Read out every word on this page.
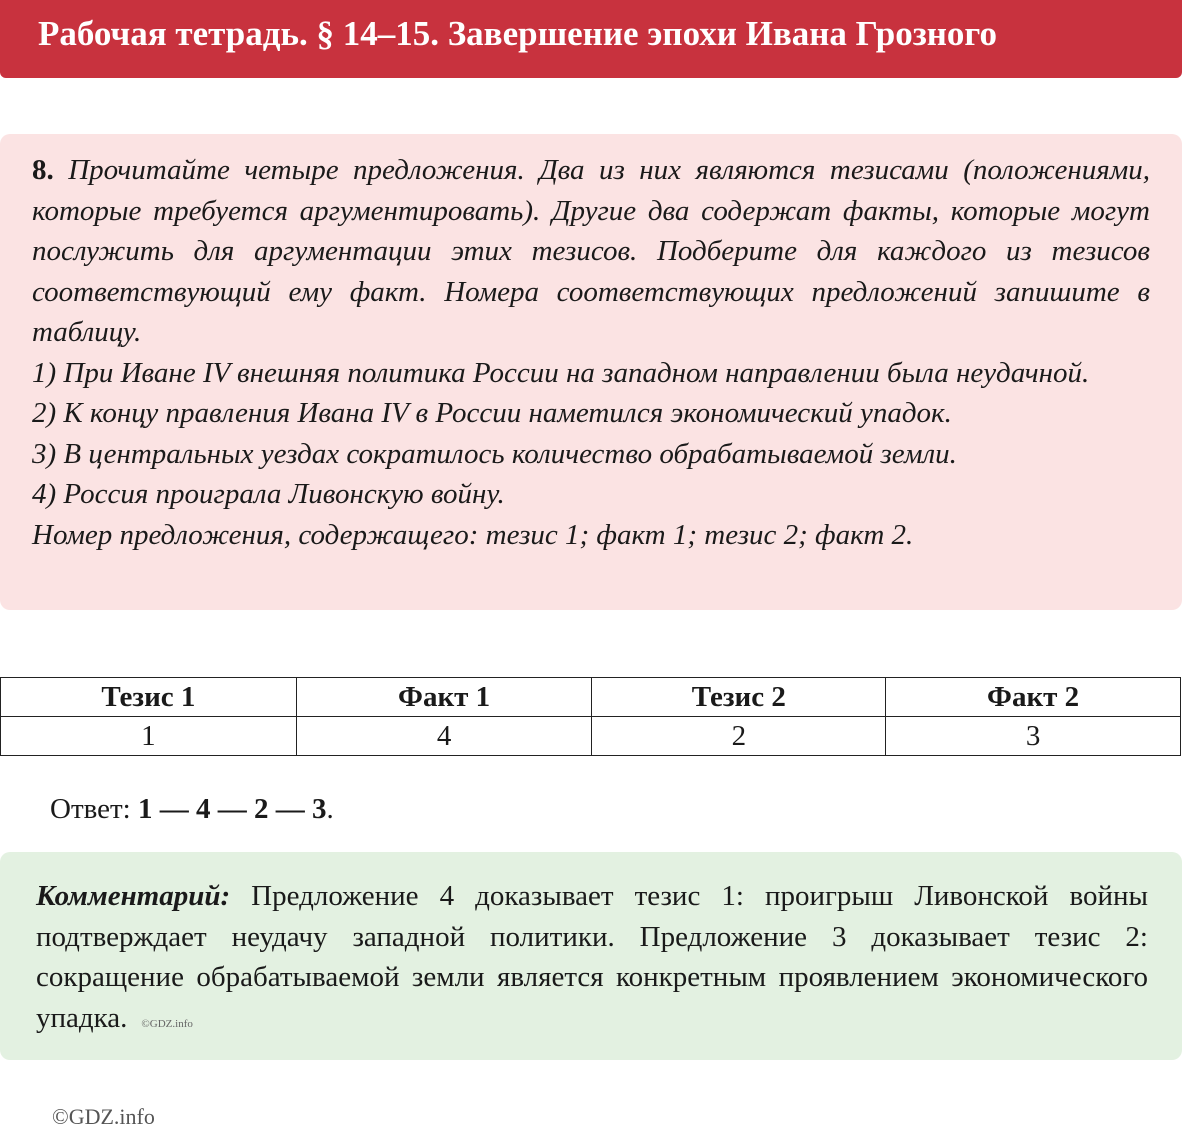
Рабочая тетрадь. § 14–15. Завершение эпохи Ивана Грозного

8. Прочитайте четыре предложения. Два из них являются тезисами (положениями, которые требуется аргументировать). Другие два содержат факты, которые могут послужить для аргументации этих тезисов. Подберите для каждого из тезисов соответствующий ему факт. Номера соответствующих предложений запишите в таблицу.

1) При Иване IV внешняя политика России на западном направлении была неудачной.

2) К концу правления Ивана IV в России наметился экономический упадок.

3) В центральных уездах сократилось количество обрабатываемой земли.

4) Россия проиграла Ливонскую войну.

Номер предложения, содержащего: тезис 1; факт 1; тезис 2; факт 2.

Тезис 1	Факт 1	Тезис 2	Факт 2
1	4	2	3
Ответ: 1 — 4 — 2 — 3.
Комментарий: Предложение 4 доказывает тезис 1: проигрыш Ливонской войны подтверждает неудачу западной политики. Предложение 3 доказывает тезис 2: сокращение обрабатываемой земли является конкретным проявлением экономического упадка. ©GDZ.info
©GDZ.info
